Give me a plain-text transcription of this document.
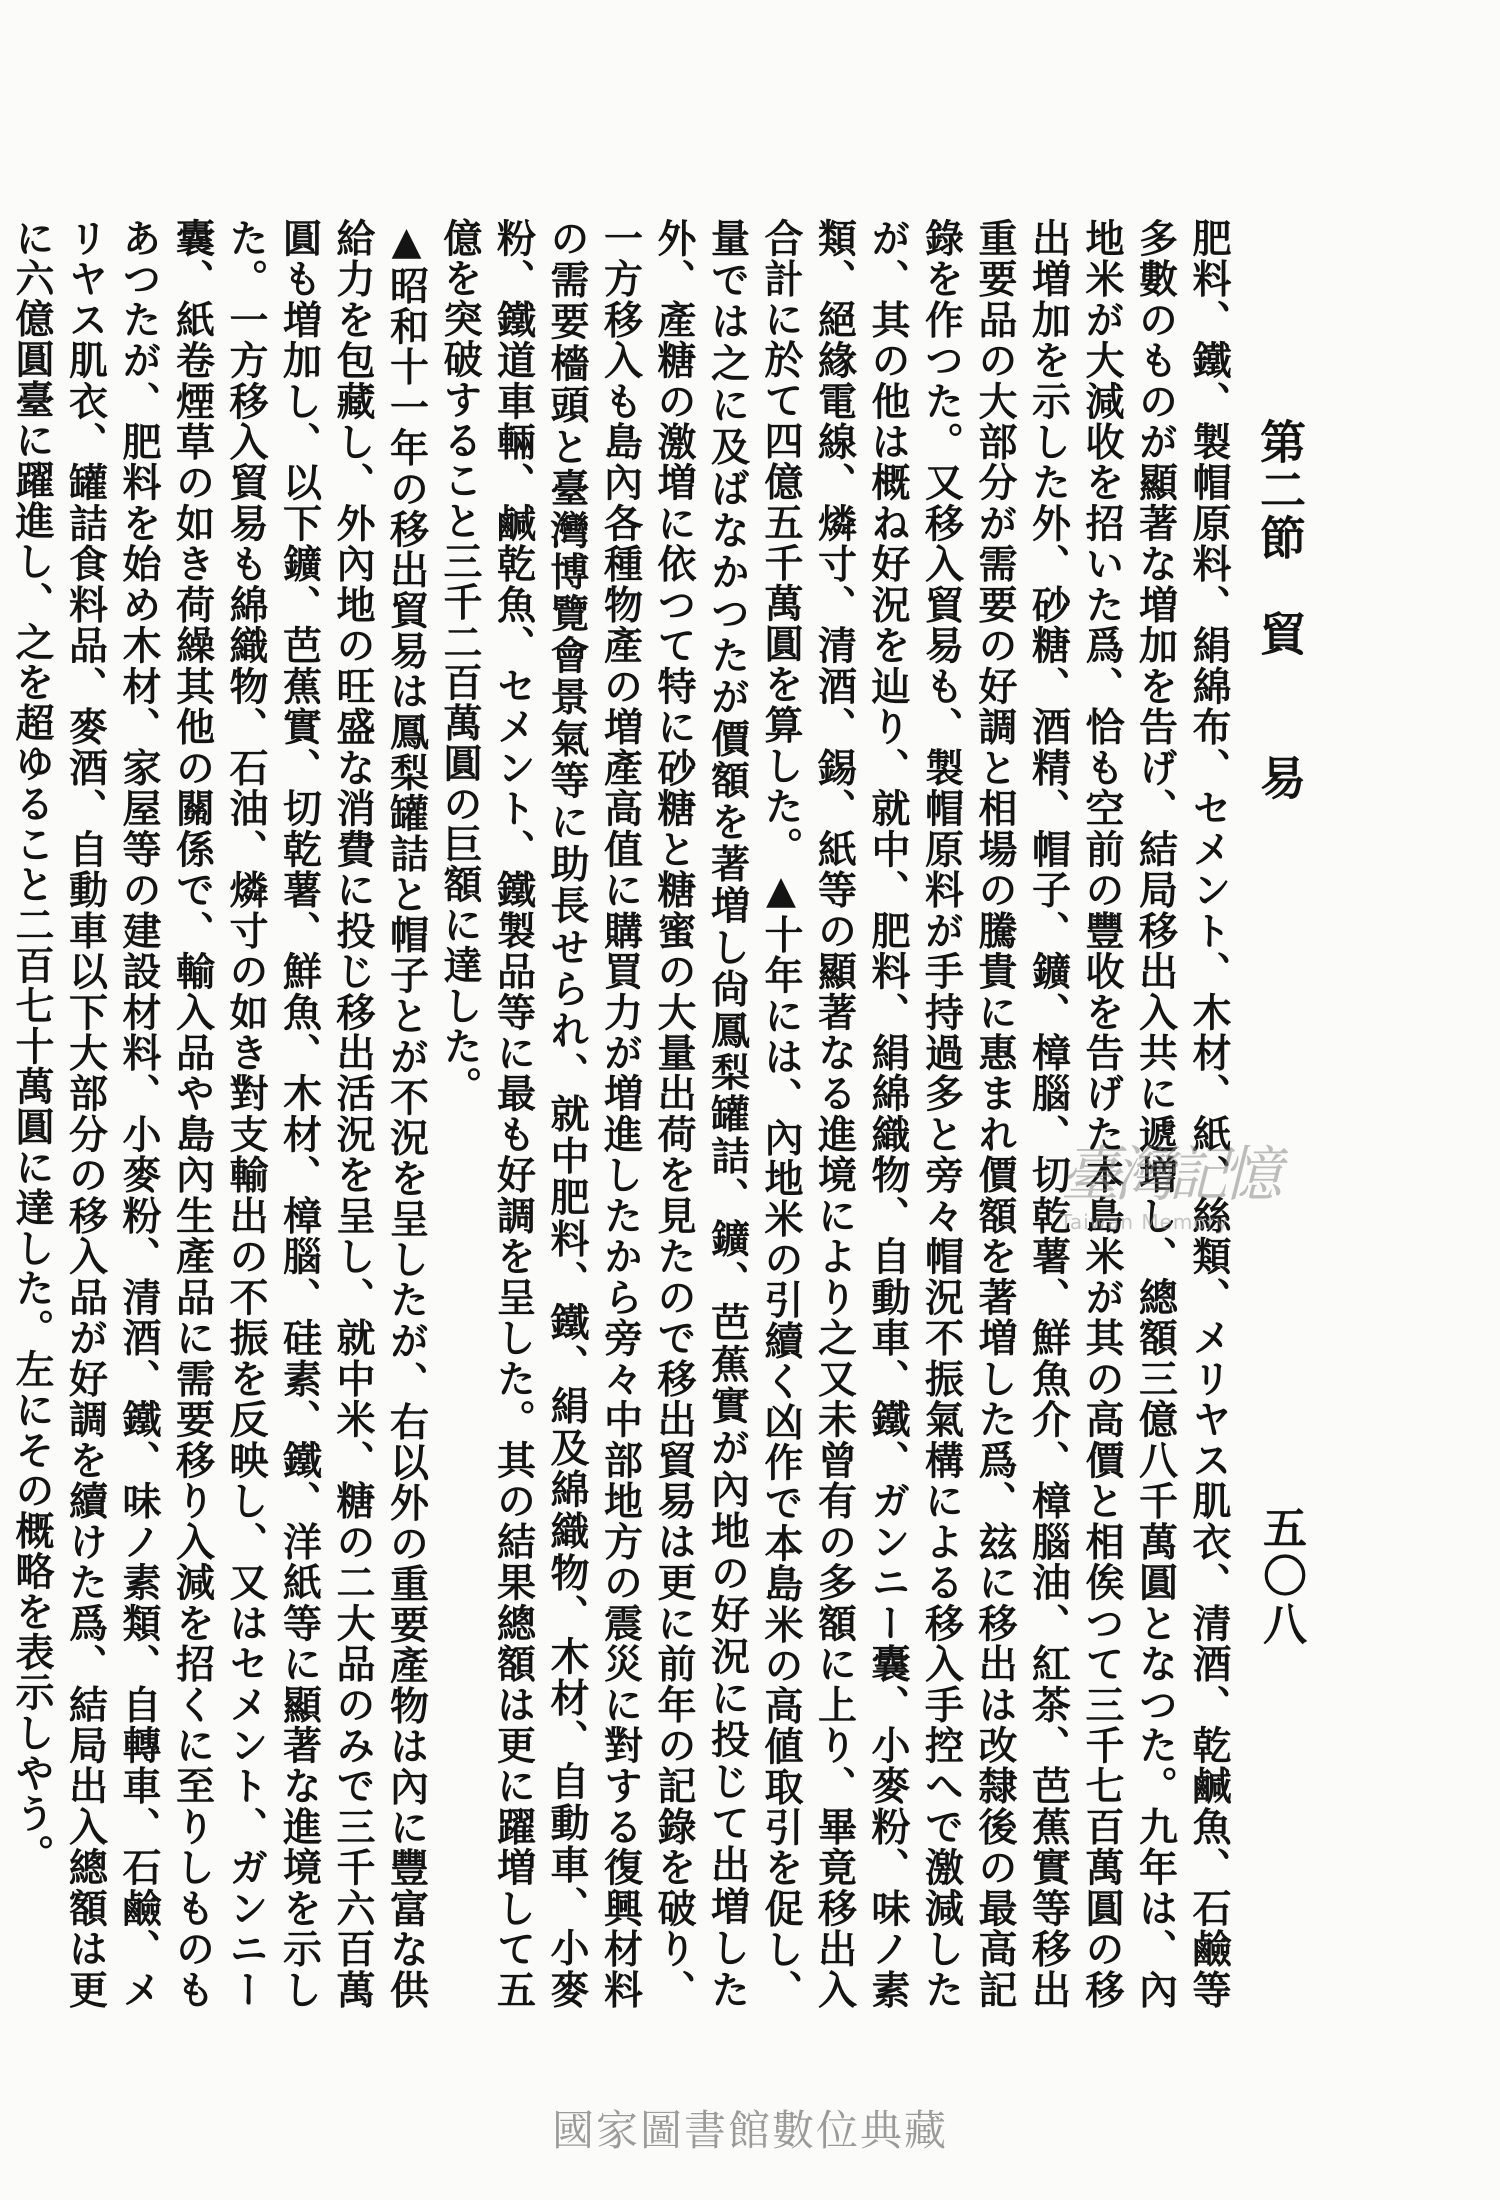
第二節　貿　　易
五〇八

肥料、鐵、製帽原料、絹綿布、セメント、木材、紙、絲類、メリヤス肌衣、清酒、乾鹹魚、石鹼等多數のものが顯著な増加を告げ、結局移出入共に遞増し、總額三億八千萬圓となつた。九年は、內地米が大減收を招いた爲、恰も空前の豐收を告げた本島米が其の高價と相俟つて三千七百萬圓の移出増加を示した外、砂糖、酒精、帽子、鑛、樟腦、切乾薯、鮮魚介、樟腦油、紅茶、芭蕉實等移出重要品の大部分が需要の好調と相場の騰貴に惠まれ價額を著増した爲、玆に移出は改隸後の最高記錄を作つた。又移入貿易も、製帽原料が手持過多と旁々帽況不振氣構による移入手控へで激減したが、其の他は概ね好況を辿り、就中、肥料、絹綿織物、自動車、鐵、ガンニー囊、小麥粉、味ノ素類、絕緣電線、燐寸、清酒、錫、紙等の顯著なる進境により之又未曾有の多額に上り、畢竟移出入合計に於て四億五千萬圓を算した。▲十年には、內地米の引續く凶作で本島米の高値取引を促し、量では之に及ばなかつたが價額を著増し尙鳳梨罐詰、鑛、芭蕉實が內地の好況に投じて出増した外、產糖の激増に依つて特に砂糖と糖蜜の大量出荷を見たので移出貿易は更に前年の記錄を破り、一方移入も島內各種物產の増產高值に購買力が増進したから旁々中部地方の震災に對する復興材料の需要檣頭と臺灣博覽會景氣等に助長せられ、就中肥料、鐵、絹及綿織物、木材、自動車、小麥粉、鐵道車輛、鹹乾魚、セメント、鐵製品等に最も好調を呈した。其の結果總額は更に躍増して五億を突破すること三千二百萬圓の巨額に達した。

▲昭和十一年の移出貿易は鳳梨罐詰と帽子とが不況を呈したが、右以外の重要產物は內に豐富な供給力を包藏し、外內地の旺盛な消費に投じ移出活況を呈し、就中米、糖の二大品のみで三千六百萬圓も増加し、以下鑛、芭蕉實、切乾薯、鮮魚、木材、樟腦、硅素、鐵、洋紙等に顯著な進境を示した。一方移入貿易も綿織物、石油、燐寸の如き對支輸出の不振を反映し、又はセメント、ガンニー囊、紙卷煙草の如き荷繰其他の關係で、輸入品や島內生產品に需要移り入減を招くに至りしものもあつたが、肥料を始め木材、家屋等の建設材料、小麥粉、清酒、鐵、味ノ素類、自轉車、石鹼、メリヤス肌衣、罐詰食料品、麥酒、自動車以下大部分の移入品が好調を續けた爲、結局出入總額は更に六億圓臺に躍進し、之を超ゆること二百七十萬圓に達した。左にその概略を表示しやう。	臺灣記憶
Taiwan Memory
國家圖書館數位典藏
